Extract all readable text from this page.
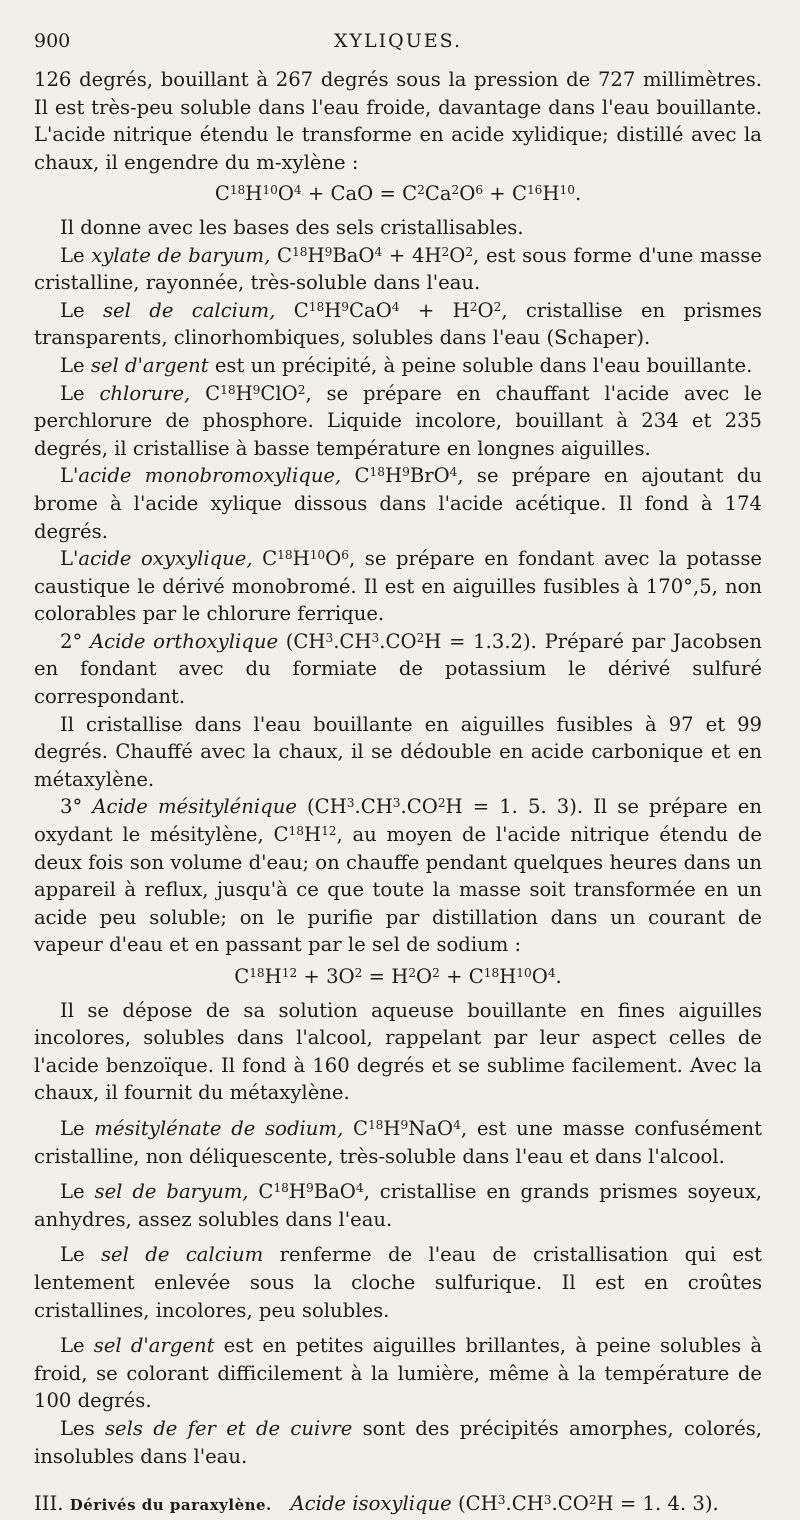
900	XYLIQUES.

126 degrés, bouillant à 267 degrés sous la pression de 727 millimètres. Il est très-peu soluble dans l'eau froide, davantage dans l'eau bouillante. L'acide nitrique étendu le transforme en acide xylidique; distillé avec la chaux, il engendre du m-xylène :

$C^{18}H^{10}O^4$ + CaO = $C^2Ca^2O^6 + C^{16}H^{10}$.

Il donne avec les bases des sels cristallisables.

Le xylate de baryum, $C^{18}H^9BaO^4 + 4H^2O^2$, est sous forme d'une masse cristalline, rayonnée, très-soluble dans l'eau.

Le sel de calcium, $C^{18}H^9CaO^4 + H^2O^2$, cristallise en prismes transparents, clinorhombiques, solubles dans l'eau (Schaper).

Le sel d'argent est un précipité, à peine soluble dans l'eau bouillante.

Le chlorure, $C^{18}H^9ClO^2$, se prépare en chauffant l'acide avec le perchlorure de phosphore. Liquide incolore, bouillant à 234 et 235 degrés, il cristallise à basse température en longnes aiguilles.

L'acide monobromoxylique, $C^{18}H^9BrO^4$, se prépare en ajoutant du brome à l'acide xylique dissous dans l'acide acétique. Il fond à 174 degrés.

L'acide oxyxylique, $C^{18}H^{10}O^6$, se prépare en fondant avec la potasse caustique le dérivé monobromé. Il est en aiguilles fusibles à 170°,5, non colorables par le chlorure ferrique.

2° Acide orthoxylique $(CH^3.CH^3.CO^2H = 1.3.2)$. Préparé par Jacobsen en fondant avec du formiate de potassium le dérivé sulfuré correspondant.

Il cristallise dans l'eau bouillante en aiguilles fusibles à 97 et 99 degrés. Chauffé avec la chaux, il se dédouble en acide carbonique et en métaxylène.

3° Acide mésitylénique ($CH^3.CH^3.CO^2H = 1$. 5. 3). Il se prépare en oxydant le mésitylène, $C^{18}H^{12}$, au moyen de l'acide nitrique étendu de deux fois son volume d'eau; on chauffe pendant quelques heures dans un appareil à reflux, jusqu'à ce que toute la masse soit transformée en un acide peu soluble; on le purifie par distillation dans un courant de vapeur d'eau et en passant par le sel de sodium :

$C^{18}H^{12} + 3O^2 = H^2O^2 + C^{18}H^{10}O^4$.

Il se dépose de sa solution aqueuse bouillante en fines aiguilles incolores, solubles dans l'alcool, rappelant par leur aspect celles de l'acide benzoïque. Il fond à 160 degrés et se sublime facilement. Avec la chaux, il fournit du métaxylène.

Le mésitylénate de sodium, $C^{18}H^9NaO^4$, est une masse confusément cristalline, non déliquescente, très-soluble dans l'eau et dans l'alcool.

Le sel de baryum, $C^{18}H^9BaO^4$, cristallise en grands prismes soyeux, anhydres, assez solubles dans l'eau.

Le sel de calcium renferme de l'eau de cristallisation qui est lentement enlevée sous la cloche sulfurique. Il est en croûtes cristallines, incolores, peu solubles.

Le sel d'argent est en petites aiguilles brillantes, à peine solubles à froid, se colorant difficilement à la lumière, même à la température de 100 degrés.

Les sels de fer et de cuivre sont des précipités amorphes, colorés, insolubles dans l'eau.

III. Dérivés du paraxylène. Acide isoxylique ($CH^3.CH^3.CO^2H = 1$. 4. 3).
